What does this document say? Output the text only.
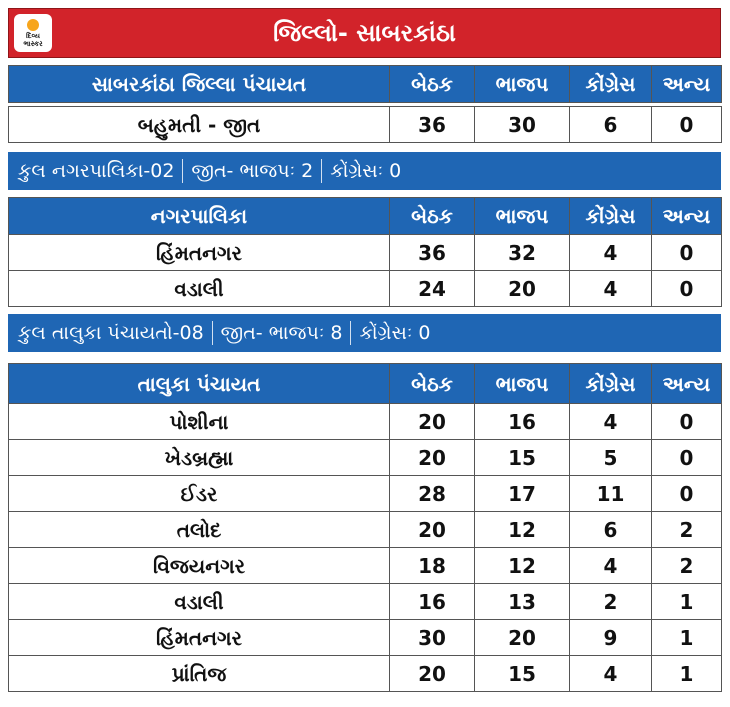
દિવ્ય
ભાસ્કર	જિલ્લો- સાબરકાંઠા
સાબરકાંઠા જિલ્લા પંચાયત	બેઠક	ભાજપ	કોંગ્રેસ	અન્ય

બહુમતી - જીત	36	30	6	0
કુલ નગરપાલિકા-02 જીત- ભાજપઃ 2 કોંગ્રેસઃ 0
નગરપાલિકા	બેઠક	ભાજપ	કોંગ્રેસ	અન્ય
હિંમતનગર	36	32	4	0
વડાલી	24	20	4	0
કુલ તાલુકા પંચાયતો-08 જીત- ભાજપઃ 8 કોંગ્રેસઃ 0
તાલુકા પંચાયત	બેઠક	ભાજપ	કોંગ્રેસ	અન્ય
પોશીના	20	16	4	0
ખેડબ્રહ્મા	20	15	5	0
ઈડર	28	17	11	0
તલોદ	20	12	6	2
વિજયનગર	18	12	4	2
વડાલી	16	13	2	1
હિંમતનગર	30	20	9	1
પ્રાંતિજ	20	15	4	1
